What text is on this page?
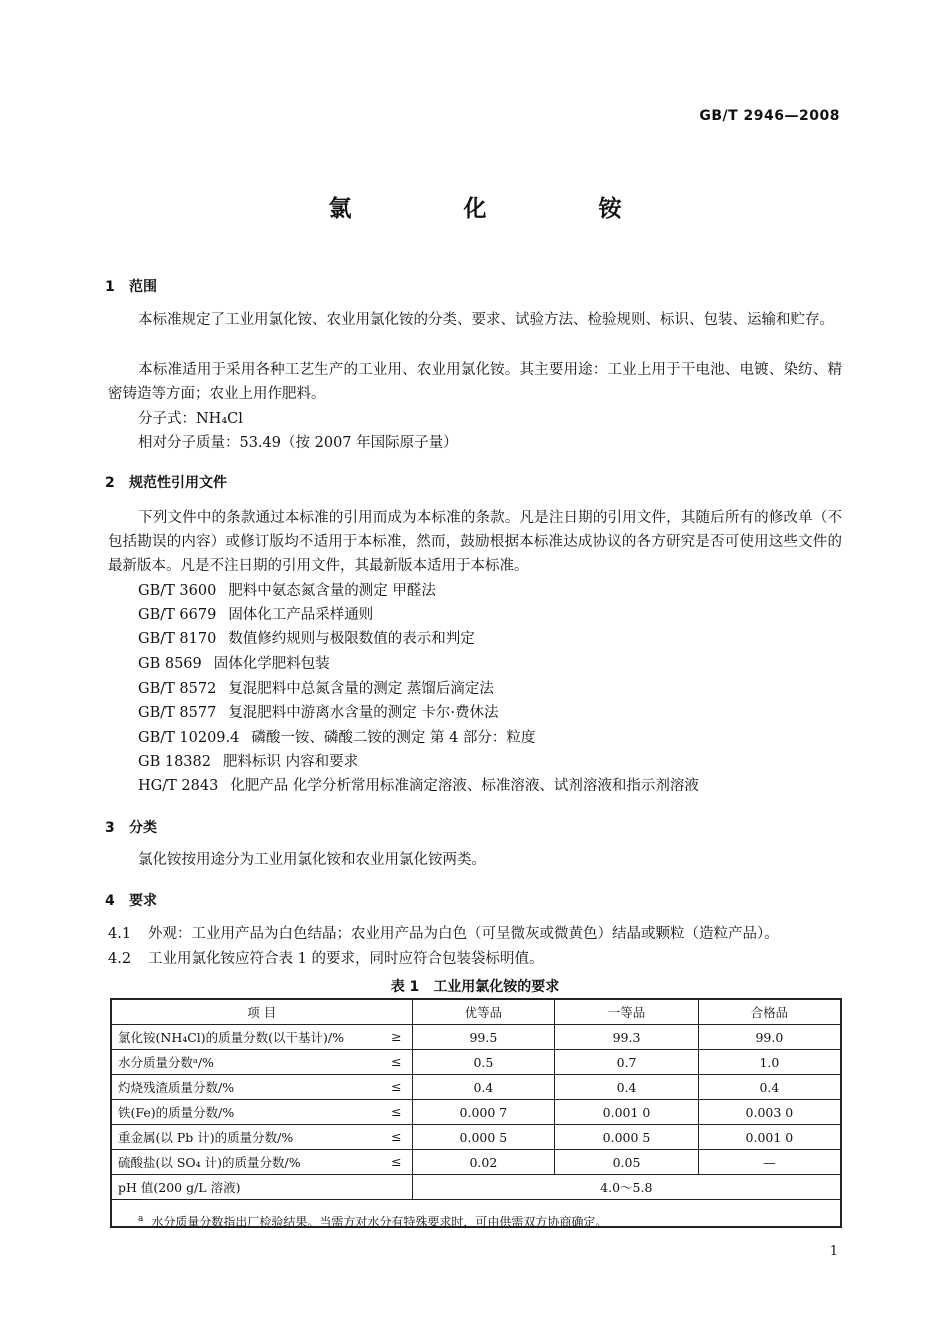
GB/T 2946—2008
氯 化 铵
1 范围
本标准规定了工业用氯化铵、农业用氯化铵的分类、要求、试验方法、检验规则、标识、包装、运输和贮存。
本标准适用于采用各种工艺生产的工业用、农业用氯化铵。其主要用途：工业上用于干电池、电镀、染纺、精密铸造等方面；农业上用作肥料。
分子式：NH₄Cl
相对分子质量：53.49（按 2007 年国际原子量）
2 规范性引用文件
下列文件中的条款通过本标准的引用而成为本标准的条款。凡是注日期的引用文件，其随后所有的修改单（不包括勘误的内容）或修订版均不适用于本标准，然而，鼓励根据本标准达成协议的各方研究是否可使用这些文件的最新版本。凡是不注日期的引用文件，其最新版本适用于本标准。
GB/T 3600 肥料中氨态氮含量的测定 甲醛法
GB/T 6679 固体化工产品采样通则
GB/T 8170 数值修约规则与极限数值的表示和判定
GB 8569 固体化学肥料包装
GB/T 8572 复混肥料中总氮含量的测定 蒸馏后滴定法
GB/T 8577 复混肥料中游离水含量的测定 卡尔·费休法
GB/T 10209.4 磷酸一铵、磷酸二铵的测定 第 4 部分：粒度
GB 18382 肥料标识 内容和要求
HG/T 2843 化肥产品 化学分析常用标准滴定溶液、标准溶液、试剂溶液和指示剂溶液
3 分类
氯化铵按用途分为工业用氯化铵和农业用氯化铵两类。
4 要求
4.1 外观：工业用产品为白色结晶；农业用产品为白色（可呈微灰或微黄色）结晶或颗粒（造粒产品）。
4.2 工业用氯化铵应符合表 1 的要求，同时应符合包装袋标明值。
表 1 工业用氯化铵的要求
项 目	优等品	一等品	合格品
氯化铵(NH₄Cl)的质量分数(以干基计)/% ≥	99.5	99.3	99.0
水分质量分数ᵃ/% ≤	0.5	0.7	1.0
灼烧残渣质量分数/% ≤	0.4	0.4	0.4
铁(Fe)的质量分数/% ≤	0.000 7	0.001 0	0.003 0
重金属(以 Pb 计)的质量分数/% ≤	0.000 5	0.000 5	0.001 0
硫酸盐(以 SO₄ 计)的质量分数/% ≤	0.02	0.05	—
pH 值(200 g/L 溶液)	4.0～5.8		

$^a$ 水分质量分数指出厂检验结果。当需方对水分有特殊要求时，可由供需双方协商确定。
1
